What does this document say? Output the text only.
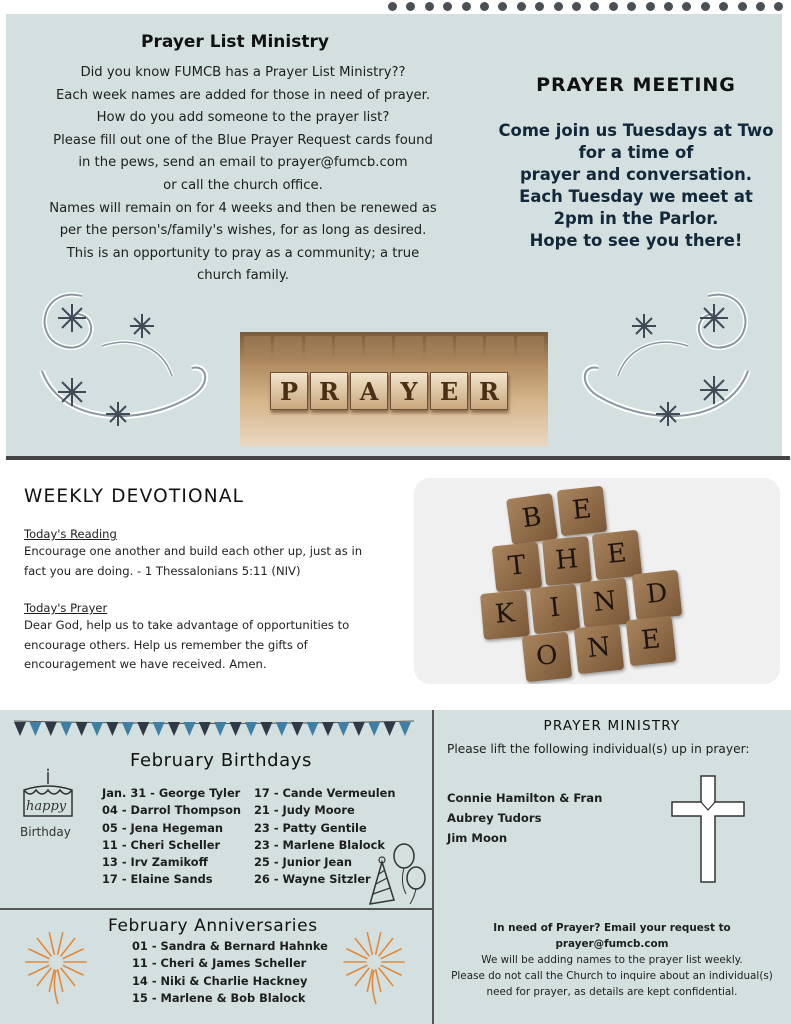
Prayer List Ministry
Did you know FUMCB has a Prayer List Ministry??
Each week names are added for those in need of prayer.
How do you add someone to the prayer list?
Please fill out one of the Blue Prayer Request cards found
in the pews, send an email to prayer@fumcb.com
or call the church office.
Names will remain on for 4 weeks and then be renewed as
per the person's/family's wishes, for as long as desired.
This is an opportunity to pray as a community; a true
church family.
PRAYER MEETING
Come join us Tuesdays at Two
for a time of
prayer and conversation.
Each Tuesday we meet at
2pm in the Parlor.
Hope to see you there!
P R A Y E R
WEEKLY DEVOTIONAL
Today's Reading
Encourage one another and build each other up, just as in
fact you are doing. - 1 Thessalonians 5:11 (NIV)
Today's Prayer
Dear God, help us to take advantage of opportunities to
encourage others. Help us remember the gifts of
encouragement we have received. Amen.
B	E
T	H	E
K	I	N	D
O	N	E
February Birthdays
happy
Birthday
Jan. 31 - George Tyler
04 - Darrol Thompson
05 - Jena Hegeman
11 - Cheri Scheller
13 - Irv Zamikoff
17 - Elaine Sands
17 - Cande Vermeulen
21 - Judy Moore
23 - Patty Gentile
23 - Marlene Blalock
25 - Junior Jean
26 - Wayne Sitzler
February Anniversaries
01 - Sandra & Bernard Hahnke
11 - Cheri & James Scheller
14 - Niki & Charlie Hackney
15 - Marlene & Bob Blalock
PRAYER MINISTRY
Please lift the following individual(s) up in prayer:
Connie Hamilton & Fran
Aubrey Tudors
Jim Moon
In need of Prayer? Email your request to
prayer@fumcb.com
We will be adding names to the prayer list weekly.
Please do not call the Church to inquire about an individual(s)
need for prayer, as details are kept confidential.
